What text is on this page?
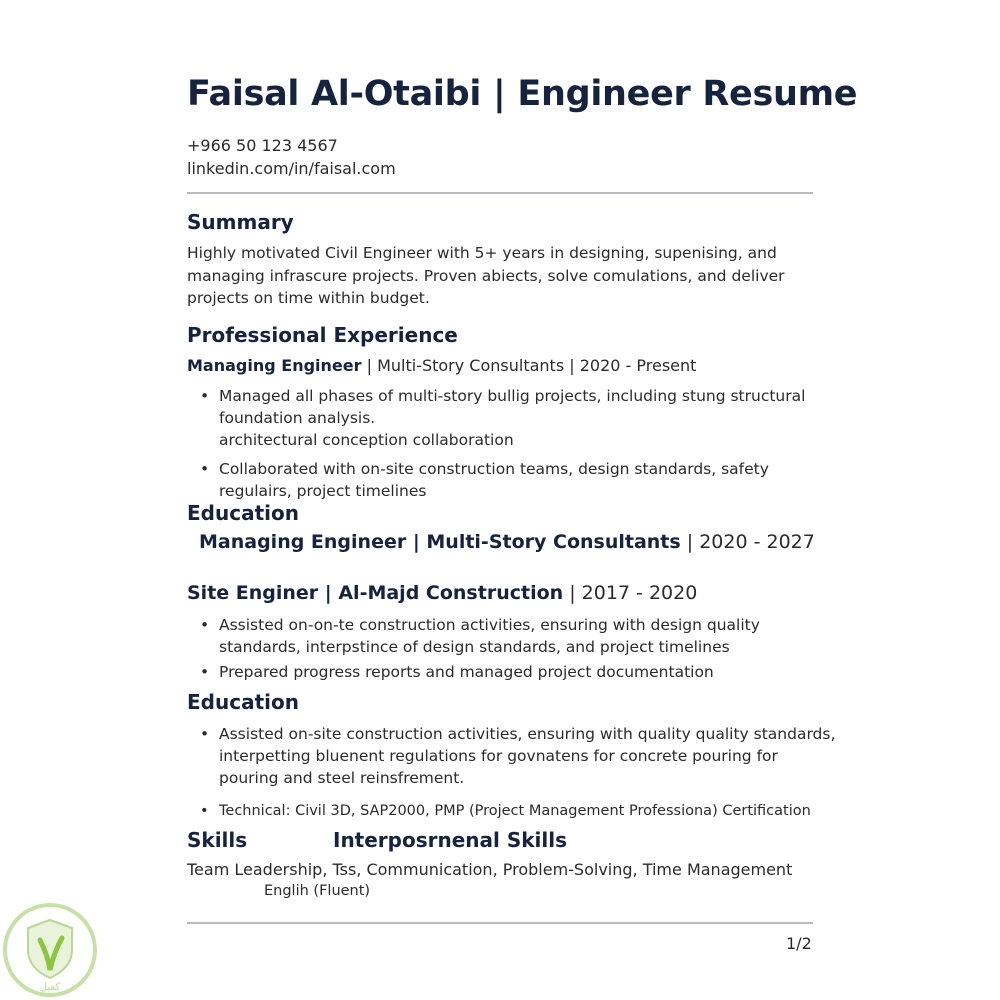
Faisal Al-Otaibi | Engineer Resume
+966 50 123 4567
linkedin.com/in/faisal.com
Summary
Highly motivated Civil Engineer with 5+ years in designing, supenising, and managing infrascure projects. Proven abiects, solve comulations, and deliver projects on time within budget.
Professional Experience
Managing Engineer | Multi-Story Consultants | 2020 - Present
• Managed all phases of multi-story bullig projects, including stung structural foundation analysis.
architectural conception collaboration
• Collaborated with on-site construction teams, design standards, safety regulairs, project timelines
Education
Managing Engineer | Multi-Story Consultants | 2020 - 2027
Site Enginer | Al-Majd Construction | 2017 - 2020
• Assisted on-on-te construction activities, ensuring with design quality standards, interpstince of design standards, and project timelines
• Prepared progress reports and managed project documentation
Education
• Assisted on-site construction activities, ensuring with quality quality standards, interpetting bluenent regulations for govnatens for concrete pouring for pouring and steel reinsfrement.
• Technical: Civil 3D, SAP2000, PMP (Project Management Professiona) Certification
Skills	Interposrnenal Skills
Team Leadership, Tss, Communication, Problem-Solving, Time Management
Englih (Fluent)
1/2
كفيل
